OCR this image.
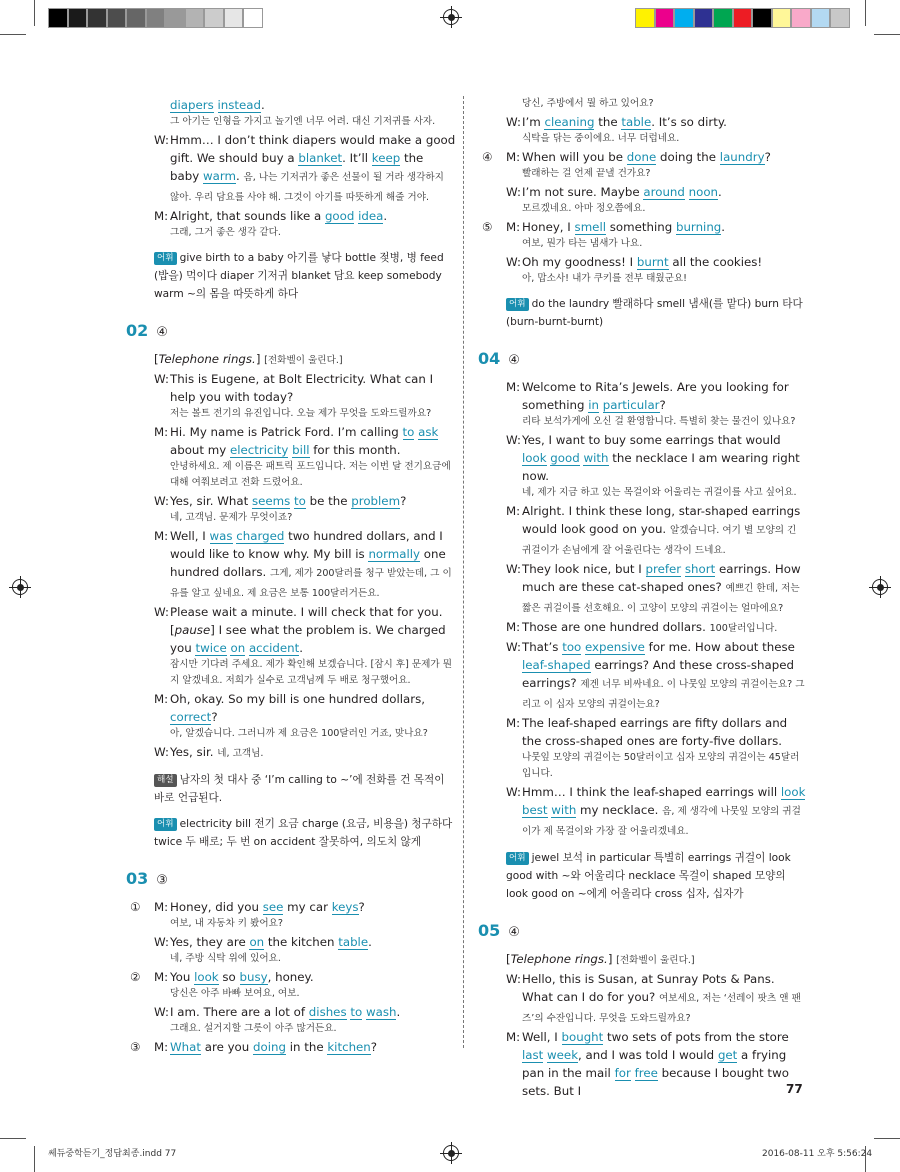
diapers instead.
그 아기는 인형을 가지고 놀기엔 너무 어려. 대신 기저귀를 사자.
W: Hmm… I don’t think diapers would make a good gift. We should buy a blanket. It’ll keep the baby warm. 음, 나는 기저귀가 좋은 선물이 될 거라 생각하지 않아. 우리 담요를 사야 해. 그것이 아기를 따뜻하게 해줄 거야.
M: Alright, that sounds like a good idea.
그래, 그거 좋은 생각 같다.
어휘 give birth to a baby 아기를 낳다 bottle 젖병, 병 feed (밥을) 먹이다 diaper 기저귀 blanket 담요 keep somebody warm ~의 몸을 따뜻하게 하다
02 ④
[Telephone rings.] [전화벨이 울린다.]
W: This is Eugene, at Bolt Electricity. What can I help you with today?
저는 볼트 전기의 유진입니다. 오늘 제가 무엇을 도와드릴까요?
M: Hi. My name is Patrick Ford. I’m calling to ask about my electricity bill for this month.
안녕하세요. 제 이름은 패트릭 포드입니다. 저는 이번 달 전기요금에 대해 여쭤보려고 전화 드렸어요.
W: Yes, sir. What seems to be the problem?
네, 고객님. 문제가 무엇이죠?
M: Well, I was charged two hundred dollars, and I would like to know why. My bill is normally one hundred dollars. 그게, 제가 200달러를 청구 받았는데, 그 이유를 알고 싶네요. 제 요금은 보통 100달러거든요.
W: Please wait a minute. I will check that for you. [pause] I see what the problem is. We charged you twice on accident.
잠시만 기다려 주세요. 제가 확인해 보겠습니다. [잠시 후] 문제가 뭔지 알겠네요. 저희가 실수로 고객님께 두 배로 청구했어요.
M: Oh, okay. So my bill is one hundred dollars, correct?
아, 알겠습니다. 그러니까 제 요금은 100달러인 거죠, 맞나요?
W: Yes, sir. 네, 고객님.
해설 남자의 첫 대사 중 ‘I’m calling to ~’에 전화를 건 목적이 바로 언급된다.
어휘 electricity bill 전기 요금 charge (요금, 비용을) 청구하다 twice 두 배로; 두 번 on accident 잘못하여, 의도치 않게
03 ③
① M: Honey, did you see my car keys?
여보, 내 자동차 키 봤어요?
W: Yes, they are on the kitchen table.
네, 주방 식탁 위에 있어요.
② M: You look so busy, honey.
당신은 아주 바빠 보여요, 여보.
W: I am. There are a lot of dishes to wash.
그래요. 설거지할 그릇이 아주 많거든요.
③ M: What are you doing in the kitchen?
당신, 주방에서 뭘 하고 있어요?
W: I’m cleaning the table. It’s so dirty.
식탁을 닦는 중이에요. 너무 더럽네요.
④ M: When will you be done doing the laundry?
빨래하는 걸 언제 끝낼 건가요?
W: I’m not sure. Maybe around noon.
모르겠네요. 아마 정오쯤에요.
⑤ M: Honey, I smell something burning.
여보, 뭔가 타는 냄새가 나요.
W: Oh my goodness! I burnt all the cookies!
아, 맙소사! 내가 쿠키를 전부 태웠군요!
어휘 do the laundry 빨래하다 smell 냄새(를 맡다) burn 타다(burn-burnt-burnt)
04 ④
M: Welcome to Rita’s Jewels. Are you looking for something in particular?
리타 보석가게에 오신 걸 환영합니다. 특별히 찾는 물건이 있나요?
W: Yes, I want to buy some earrings that would look good with the necklace I am wearing right now.
네, 제가 지금 하고 있는 목걸이와 어울리는 귀걸이를 사고 싶어요.
M: Alright. I think these long, star-shaped earrings would look good on you. 알겠습니다. 여기 별 모양의 긴 귀걸이가 손님에게 잘 어울린다는 생각이 드네요.
W: They look nice, but I prefer short earrings. How much are these cat-shaped ones? 예쁘긴 한데, 저는 짧은 귀걸이를 선호해요. 이 고양이 모양의 귀걸이는 얼마에요?
M: Those are one hundred dollars. 100달러입니다.
W: That’s too expensive for me. How about these leaf-shaped earrings? And these cross-shaped earrings? 제겐 너무 비싸네요. 이 나뭇잎 모양의 귀걸이는요? 그리고 이 십자 모양의 귀걸이는요?
M: The leaf-shaped earrings are fifty dollars and the cross-shaped ones are forty-five dollars.
나뭇잎 모양의 귀걸이는 50달러이고 십자 모양의 귀걸이는 45달러입니다.
W: Hmm… I think the leaf-shaped earrings will look best with my necklace. 음, 제 생각에 나뭇잎 모양의 귀걸이가 제 목걸이와 가장 잘 어울리겠네요.
어휘 jewel 보석 in particular 특별히 earrings 귀걸이 look good with ~와 어울리다 necklace 목걸이 shaped 모양의 look good on ~에게 어울리다 cross 십자, 십자가
05 ④
[Telephone rings.] [전화벨이 울린다.]
W: Hello, this is Susan, at Sunray Pots & Pans. What can I do for you? 여보세요, 저는 ‘선레이 팟츠 앤 팬즈’의 수잔입니다. 무엇을 도와드릴까요?
M: Well, I bought two sets of pots from the store last week, and I was told I would get a frying pan in the mail for free because I bought two sets. But I	77
쎄듀중학듣기_정답최종.indd 77	2016-08-11 오후 5:56:24
